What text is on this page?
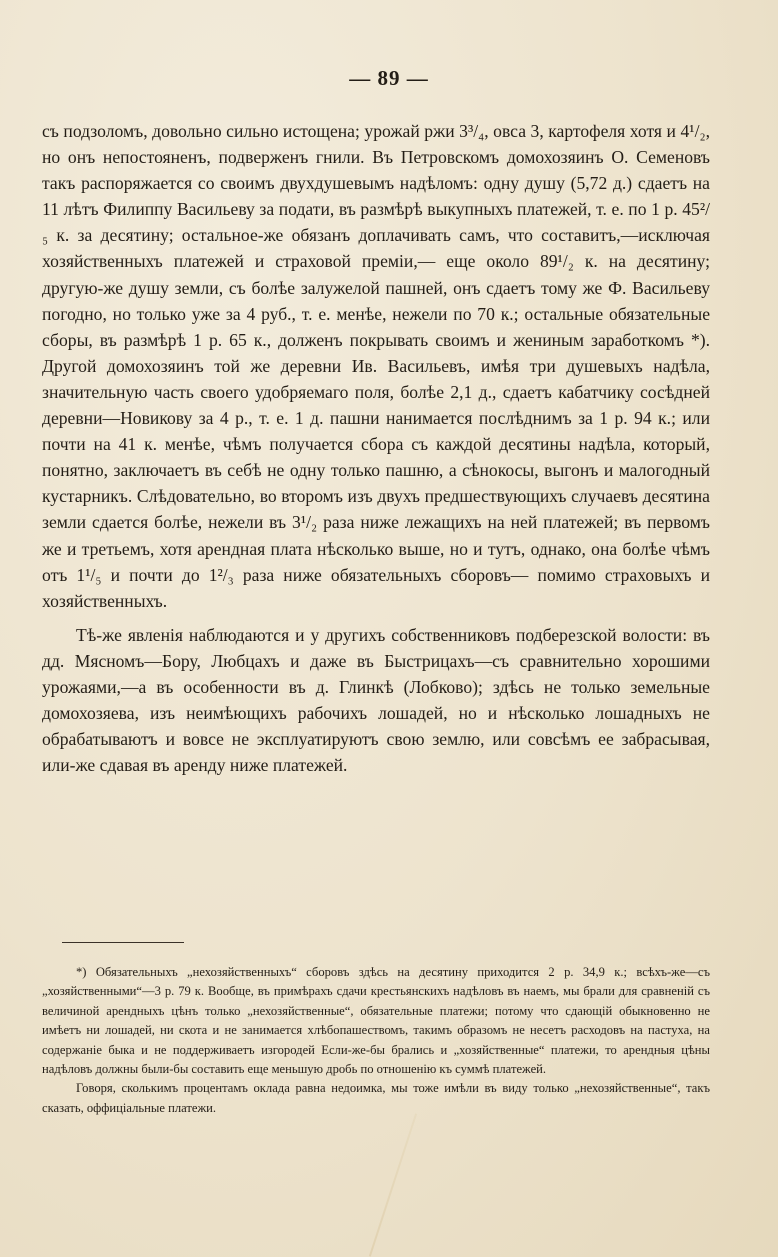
— 89 —

съ подзоломъ, довольно сильно истощена; урожай ржи 3³/₄, овса 3, картофеля хотя и 4¹/₂, но онъ непостояненъ, подверженъ гнили. Въ Петровскомъ домохозяинъ О. Семеновъ такъ распоряжается со своимъ двухдушевымъ надѣломъ: одну душу (5,72 д.) сдаетъ на 11 лѣтъ Филиппу Васильеву за подати, въ размѣрѣ выкупныхъ платежей, т. е. по 1 р. 45²/₅ к. за десятину; остальное-же обязанъ доплачивать самъ, что составитъ,—исключая хозяйственныхъ платежей и страховой преміи,— еще около 89¹/₂ к. на десятину; другую-же душу земли, съ болѣе залужелой пашней, онъ сдаетъ тому же Ф. Васильеву погодно, но только уже за 4 руб., т. е. менѣе, нежели по 70 к.; остальные обязательные сборы, въ размѣрѣ 1 р. 65 к., долженъ покрывать своимъ и жениным заработкомъ *). Другой домохозяинъ той же деревни Ив. Васильевъ, имѣя три душевыхъ надѣла, значительную часть своего удобряемаго поля, болѣе 2,1 д., сдаетъ кабатчику сосѣдней деревни—Новикову за 4 р., т. е. 1 д. пашни нанимается послѣднимъ за 1 р. 94 к.; или почти на 41 к. менѣе, чѣмъ получается сбора съ каждой десятины надѣла, который, понятно, заключаетъ въ себѣ не одну только пашню, а сѣнокосы, выгонъ и малогодный кустарникъ. Слѣдовательно, во второмъ изъ двухъ предшествующихъ случаевъ десятина земли сдается болѣе, нежели въ 3¹/₂ раза ниже лежащихъ на ней платежей; въ первомъ же и третьемъ, хотя арендная плата нѣсколько выше, но и тутъ, однако, она болѣе чѣмъ отъ 1¹/₅ и почти до 1²/₃ раза ниже обязательныхъ сборовъ— помимо страховыхъ и хозяйственныхъ.

Тѣ-же явленія наблюдаются и у другихъ собственниковъ подберезской волости: въ дд. Мясномъ—Бору, Любцахъ и даже въ Быстрицахъ—съ сравнительно хорошими урожаями,—а въ особенности въ д. Глинкѣ (Лобково); здѣсь не только земельные домохозяева, изъ неимѣющихъ рабочихъ лошадей, но и нѣсколько лошадныхъ не обрабатываютъ и вовсе не эксплуатируютъ свою землю, или совсѣмъ ее забрасывая, или-же сдавая въ аренду ниже платежей.

*) Обязательныхъ „нехозяйственныхъ“ сборовъ здѣсь на десятину приходится 2 р. 34,9 к.; всѣхъ-же—съ „хозяйственными“—3 р. 79 к. Вообще, въ примѣрахъ сдачи крестьянскихъ надѣловъ въ наемъ, мы брали для сравненій съ величиной арендныхъ цѣнъ только „нехозяйственные“, обязательные платежи; потому что сдающій обыкновенно не имѣетъ ни лошадей, ни скота и не занимается хлѣбопашествомъ, такимъ образомъ не несетъ расходовъ на пастуха, на содержаніе быка и не поддерживаетъ изгородей Если-же-бы брались и „хозяйственные“ платежи, то арендныя цѣны надѣловъ должны были-бы составить еще меньшую дробь по отношенію къ суммѣ платежей.

Говоря, сколькимъ процентамъ оклада равна недоимка, мы тоже имѣли въ виду только „нехозяйственные“, такъ сказать, оффиціальные платежи.
